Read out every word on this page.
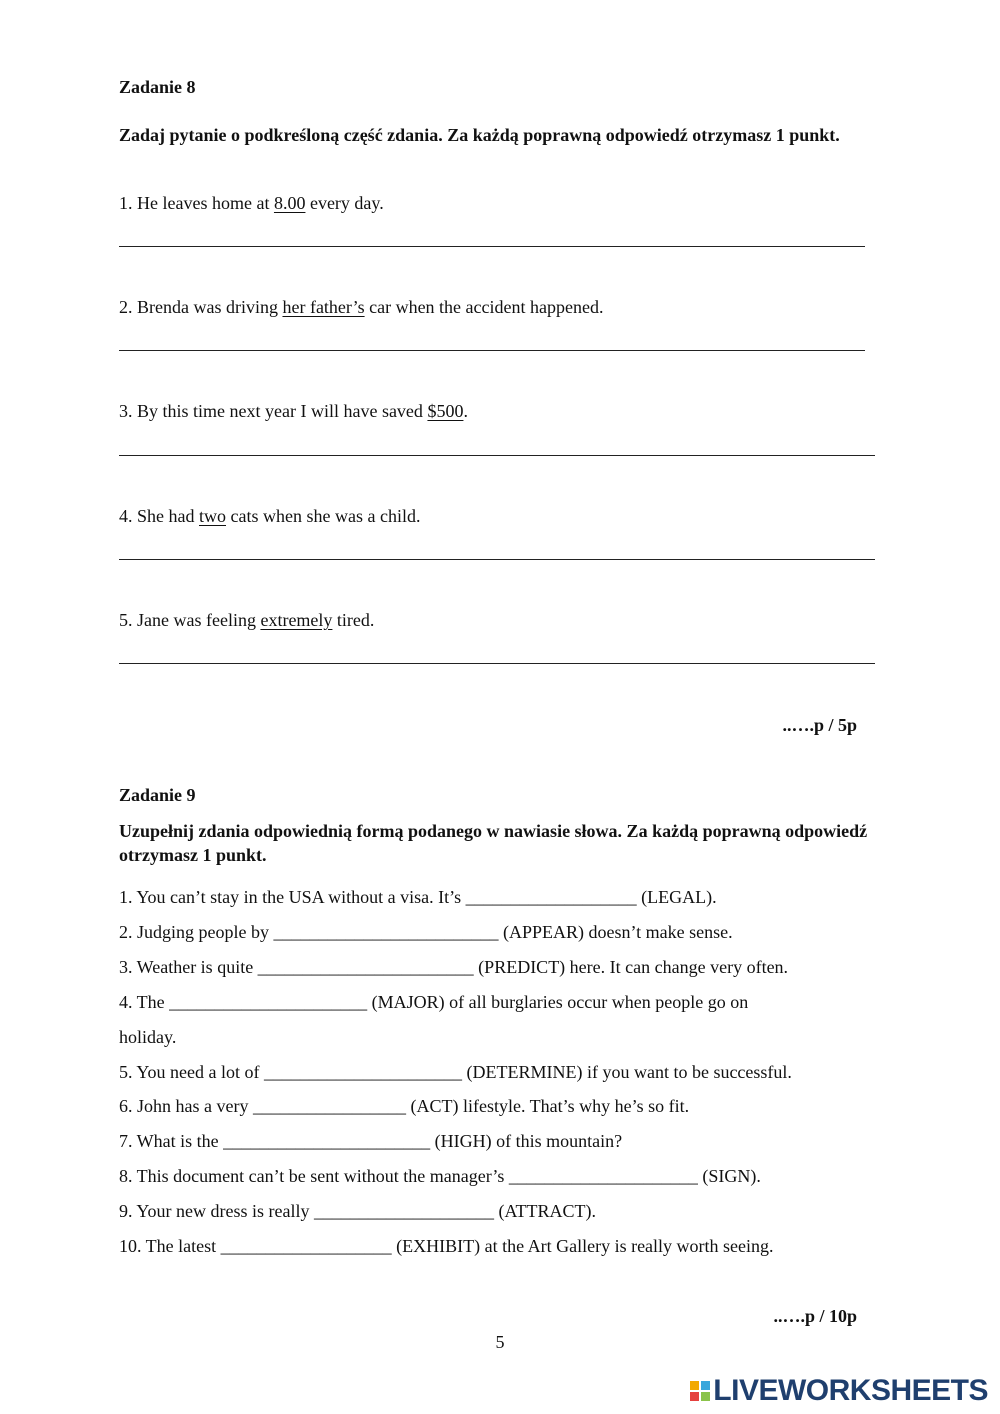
Zadanie 8
Zadaj pytanie o podkreśloną część zdania. Za każdą poprawną odpowiedź otrzymasz 1 punkt.
1. He leaves home at 8.00 every day.
2. Brenda was driving her father’s car when the accident happened.
3. By this time next year I will have saved $500.
4. She had two cats when she was a child.
5. Jane was feeling extremely tired.
..….p / 5p
Zadanie 9
Uzupełnij zdania odpowiednią formą podanego w nawiasie słowa. Za każdą poprawną odpowiedź otrzymasz 1 punkt.
1. You can’t stay in the USA without a visa. It’s ___________________ (LEGAL).
2. Judging people by _________________________ (APPEAR) doesn’t make sense.
3. Weather is quite ________________________ (PREDICT) here. It can change very often.
4. The ______________________ (MAJOR) of all burglaries occur when people go on
holiday.
5. You need a lot of ______________________ (DETERMINE) if you want to be successful.
6. John has a very _________________ (ACT) lifestyle. That’s why he’s so fit.
7. What is the _______________________ (HIGH) of this mountain?
8. This document can’t be sent without the manager’s _____________________ (SIGN).
9. Your new dress is really ____________________ (ATTRACT).
10. The latest ___________________ (EXHIBIT) at the Art Gallery is really worth seeing.
..….p / 10p
5
LIVEWORKSHEETS
